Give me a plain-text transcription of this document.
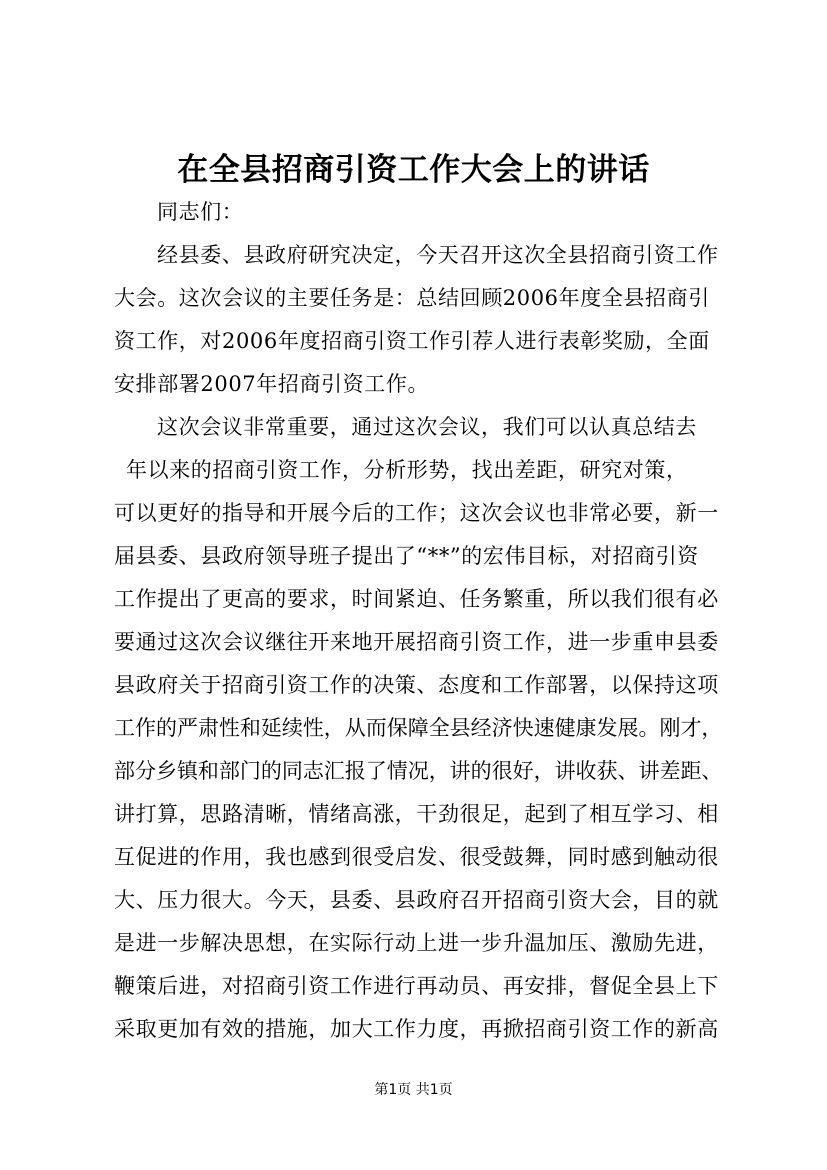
在全县招商引资工作大会上的讲话
同志们：
经县委、县政府研究决定，今天召开这次全县招商引资工作
大会。这次会议的主要任务是：总结回顾2006年度全县招商引
资工作，对2006年度招商引资工作引荐人进行表彰奖励，全面
安排部署2007年招商引资工作。
这次会议非常重要，通过这次会议，我们可以认真总结去
年以来的招商引资工作，分析形势，找出差距，研究对策，
可以更好的指导和开展今后的工作；这次会议也非常必要，新一
届县委、县政府领导班子提出了“**”的宏伟目标，对招商引资
工作提出了更高的要求，时间紧迫、任务繁重，所以我们很有必
要通过这次会议继往开来地开展招商引资工作，进一步重申县委
县政府关于招商引资工作的决策、态度和工作部署，以保持这项
工作的严肃性和延续性，从而保障全县经济快速健康发展。刚才，
部分乡镇和部门的同志汇报了情况，讲的很好，讲收获、讲差距、
讲打算，思路清晰，情绪高涨，干劲很足，起到了相互学习、相
互促进的作用，我也感到很受启发、很受鼓舞，同时感到触动很
大、压力很大。今天，县委、县政府召开招商引资大会，目的就
是进一步解决思想，在实际行动上进一步升温加压、激励先进，
鞭策后进，对招商引资工作进行再动员、再安排，督促全县上下
采取更加有效的措施，加大工作力度，再掀招商引资工作的新高
第1页 共1页
